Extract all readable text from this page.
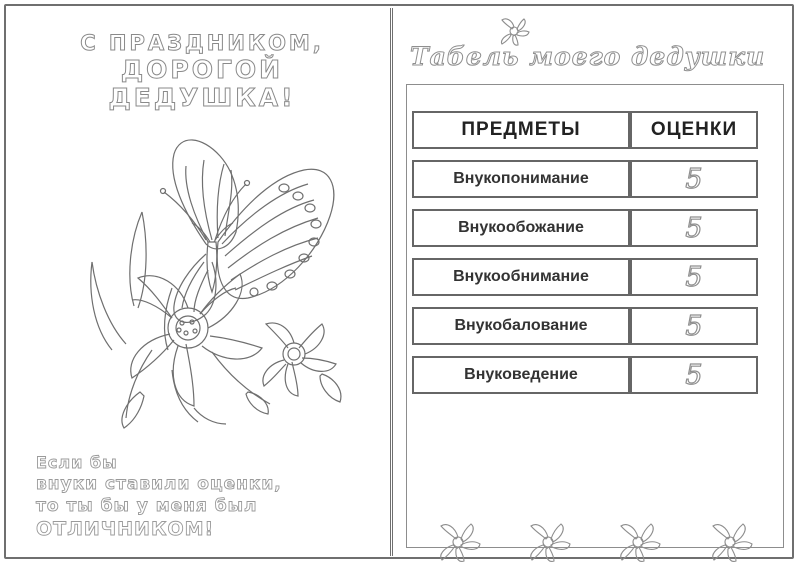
С ПРАЗДНИКОМ,
ДОРОГОЙ ДЕДУШКА!
Если бы
внуки ставили оценки,
то ты бы у меня был
ОТЛИЧНИКОМ!
Табель моего дедушки
ПРЕДМЕТЫ	ОЦЕНКИ
Внукопонимание	5
Внукообожание	5
Внукообнимание	5
Внукобалование	5
Внуковедение	5
